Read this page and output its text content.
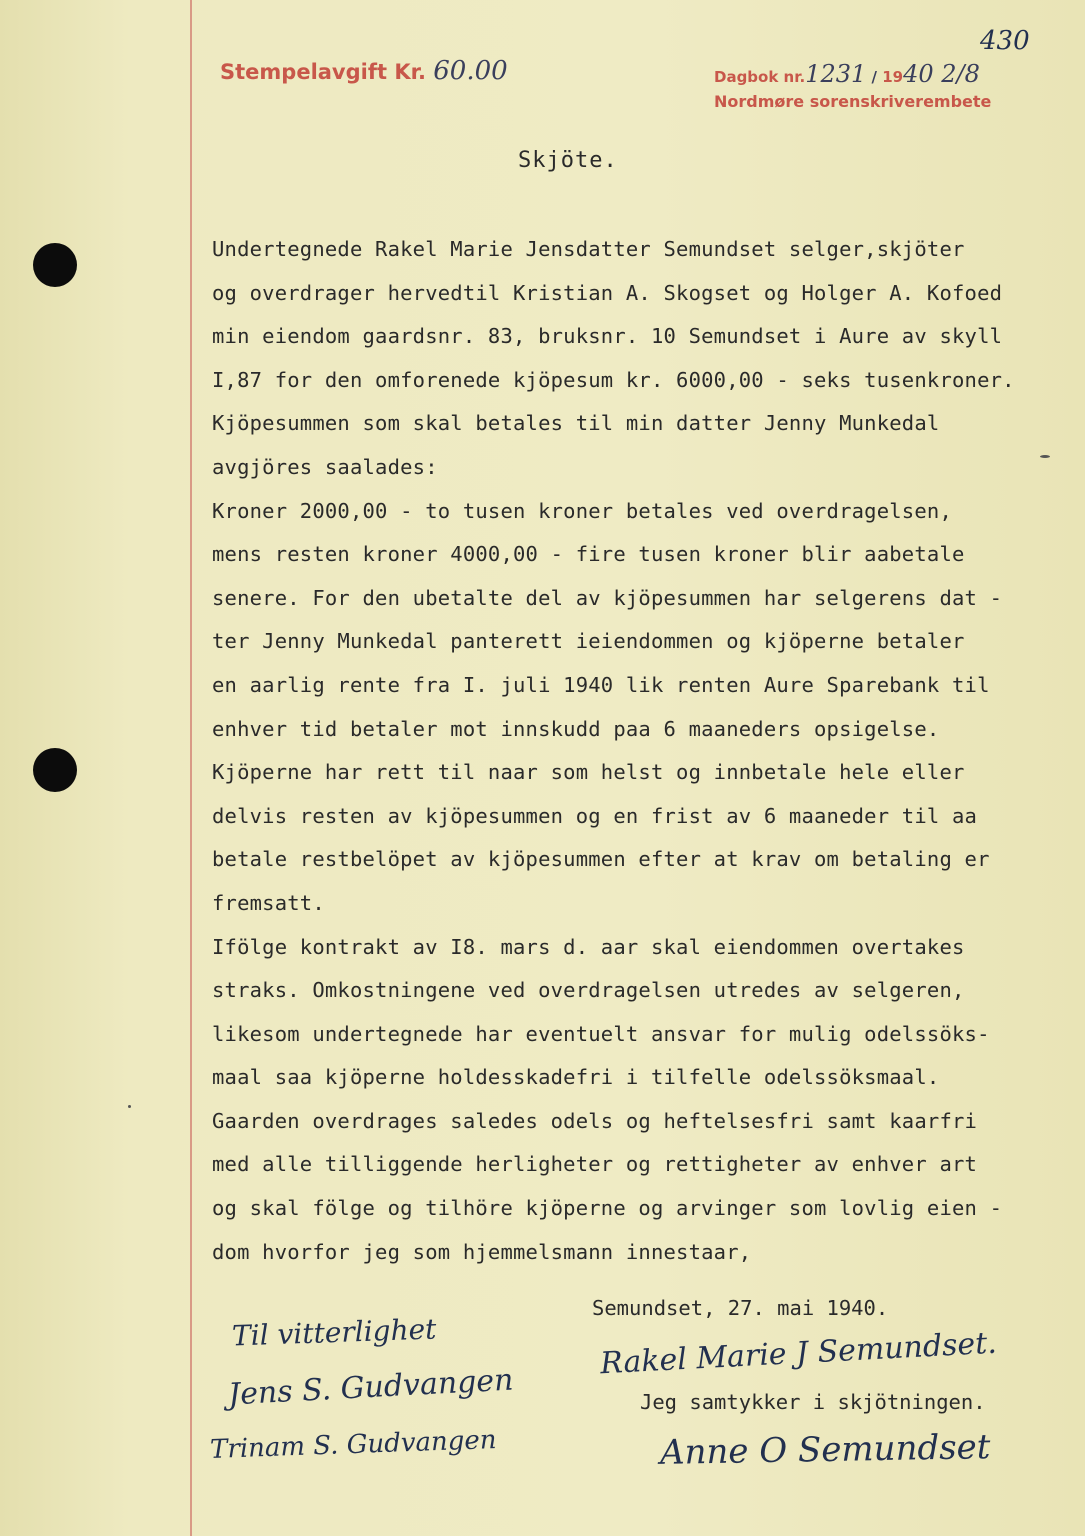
Stempelavgift Kr. 60.00	Dagbok nr.1231 / 1940 2/8
Nordmøre sorenskriverembete
430
Skjöte.
Undertegnede Rakel Marie Jensdatter Semundset selger,skjöter
og overdrager hervedtil Kristian A. Skogset og Holger A. Kofoed
min eiendom gaardsnr. 83, bruksnr. 10 Semundset i Aure av skyll
I,87 for den omforenede kjöpesum kr. 6000,00 - seks tusenkroner.
Kjöpesummen som skal betales til min datter Jenny Munkedal
avgjöres saalades:
Kroner 2000,00 - to tusen kroner betales ved overdragelsen,
mens resten kroner 4000,00 - fire tusen kroner blir aabetale
senere. For den ubetalte del av kjöpesummen har selgerens dat -
ter Jenny Munkedal panterett ieiendommen og kjöperne betaler
en aarlig rente fra I. juli 1940 lik renten Aure Sparebank til
enhver tid betaler mot innskudd paa 6 maaneders opsigelse.
Kjöperne har rett til naar som helst og innbetale hele eller
delvis resten av kjöpesummen og en frist av 6 maaneder til aa
betale restbelöpet av kjöpesummen efter at krav om betaling er
fremsatt.
Ifölge kontrakt av I8. mars d. aar skal eiendommen overtakes
straks. Omkostningene ved overdragelsen utredes av selgeren,
likesom undertegnede har eventuelt ansvar for mulig odelssöks-
maal saa kjöperne holdesskadefri i tilfelle odelssöksmaal.
Gaarden overdrages saledes odels og heftelsesfri samt kaarfri
med alle tilliggende herligheter og rettigheter av enhver art
og skal fölge og tilhöre kjöperne og arvinger som lovlig eien -
dom hvorfor jeg som hjemmelsmann innestaar,
Semundset, 27. mai 1940.
Til vitterlighet
Jens S. Gudvangen
Trinam S. Gudvangen
Rakel Marie J Semundset.
Jeg samtykker i skjötningen.
Anne O Semundset
